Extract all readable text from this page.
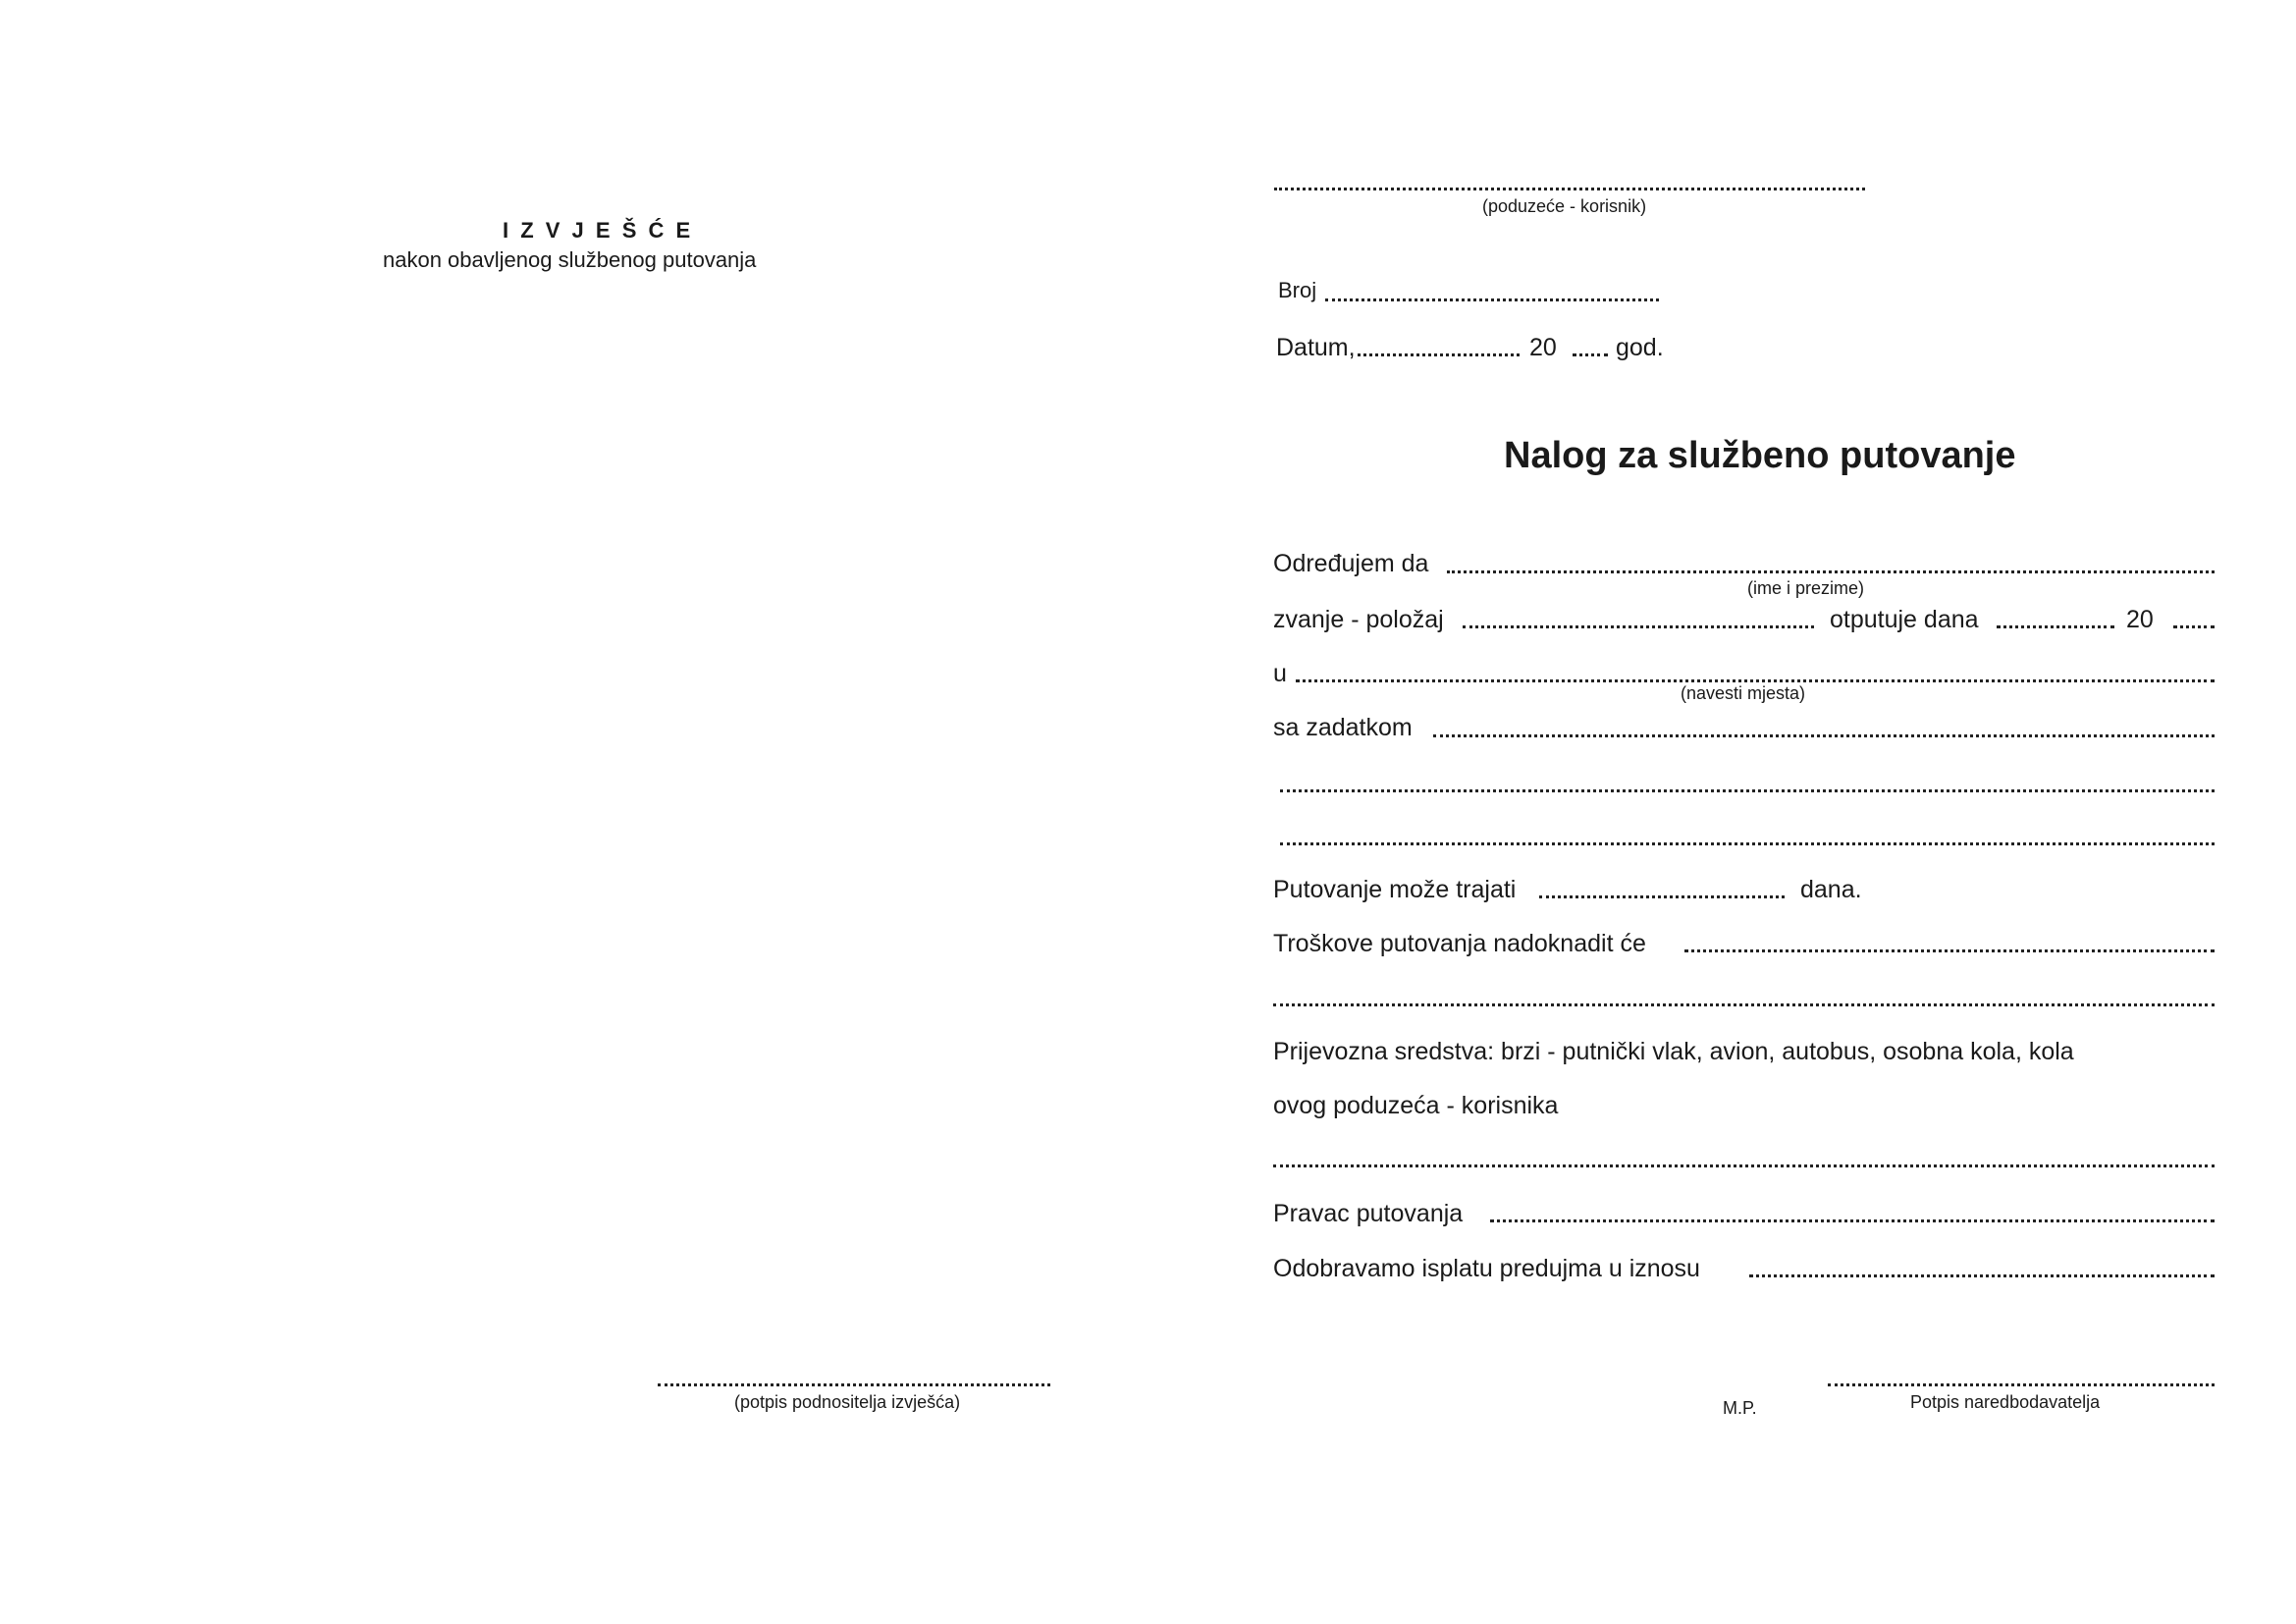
I Z V J E Š Ć E
nakon obavljenog službenog putovanja
(potpis podnositelja izvješća)
(poduzeće - korisnik)
Broj
Datum,	20 god.
Nalog za službeno putovanje
Određujem da
(ime i prezime)
zvanje - položaj	otputuje dana	20
u
(navesti mjesta)
sa zadatkom
Putovanje može trajati	dana.
Troškove putovanja nadoknadit će
Prijevozna sredstva: brzi - putnički vlak, avion, autobus, osobna kola, kola
ovog poduzeća - korisnika
Pravac putovanja
Odobravamo isplatu predujma u iznosu
M.P.	Potpis naredbodavatelja
